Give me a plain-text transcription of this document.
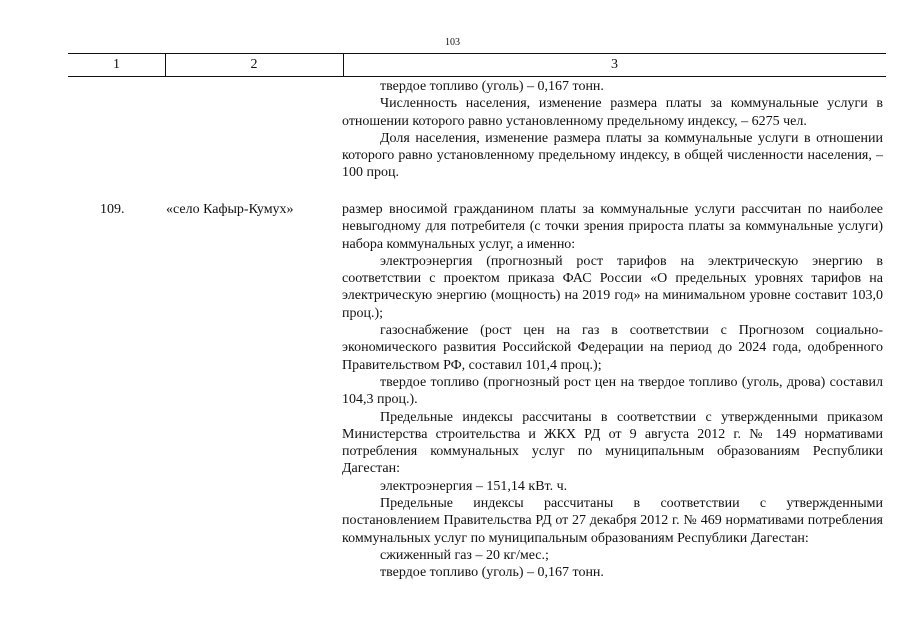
103
1	2	3

твердое топливо (уголь) – 0,167 тонн.

Численность населения, изменение размера платы за коммунальные услуги в отношении которого равно установленному предельному индексу, – 6275 чел.

Доля населения, изменение размера платы за коммунальные услуги в отношении которого равно установленному предельному индексу, в общей численности населения, – 100 проц.

109.	«село Кафыр-Кумух»	размер вносимой гражданином платы за коммунальные услуги рассчитан по наиболее невыгодному для потребителя (с точки зрения прироста платы за коммунальные услуги) набора коммунальных услуг, а именно:

электроэнергия (прогнозный рост тарифов на электрическую энергию в соответствии с проектом приказа ФАС России «О предельных уровнях тарифов на электрическую энергию (мощность) на 2019 год» на минимальном уровне составит 103,0 проц.);

газоснабжение (рост цен на газ в соответствии с Прогнозом социально-экономического развития Российской Федерации на период до 2024 года, одобренного Правительством РФ, составил 101,4 проц.);

твердое топливо (прогнозный рост цен на твердое топливо (уголь, дрова) составил 104,3 проц.).

Предельные индексы рассчитаны в соответствии с утвержденными приказом Министерства строительства и ЖКХ РД от 9 августа 2012 г. № 149 нормативами потребления коммунальных услуг по муниципальным образованиям Республики Дагестан:

электроэнергия – 151,14 кВт. ч.

Предельные индексы рассчитаны в соответствии с утвержденными постановлением Правительства РД от 27 декабря 2012 г. № 469 нормативами потребления коммунальных услуг по муниципальным образованиям Республики Дагестан:

сжиженный газ – 20 кг/мес.;

твердое топливо (уголь) – 0,167 тонн.
